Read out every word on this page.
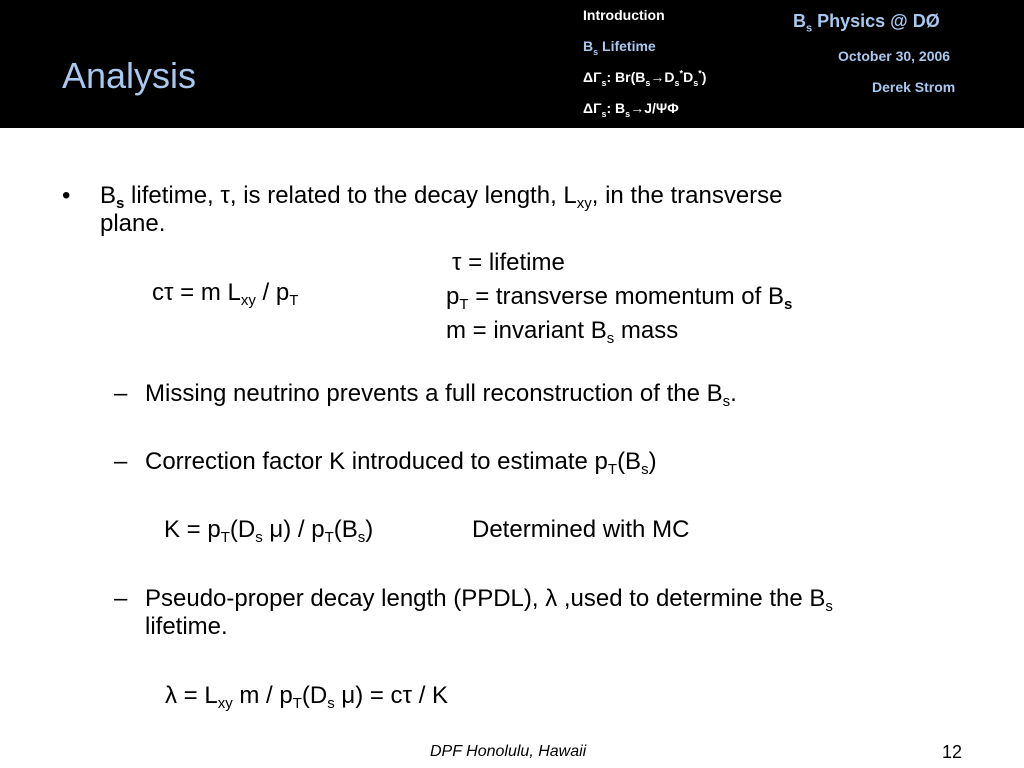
Analysis
Introduction
$B_s$ Lifetime
$\Delta\Gamma_s$: $Br(B_s\to D_s^*D_s^*)$
$\Delta\Gamma_s$: $B_s\to J/\Psi\Phi$
$B_s$ Physics @ DØ
October 30, 2006
Derek Strom
• $B_s$ lifetime, τ, is related to the decay length, $L_{xy}$, in the transverse
plane.
cτ = m $L_{xy} / p_T$
τ = lifetime
$p_T$ = transverse momentum of $B_s$
m = invariant $B_s$ mass
– Missing neutrino prevents a full reconstruction of the $B_s$.
– Correction factor K introduced to estimate $p_T(B_s)$
$K = p_T(D_s$ $\mu) / p_T(B_s)$	Determined with MC
– Pseudo-proper decay length (PPDL), λ ,used to determine the $B_s$
lifetime.
$\lambda = L_{xy}$ m / $p_T(D_s$ μ) = cτ / K
DPF Honolulu, Hawaii	12
